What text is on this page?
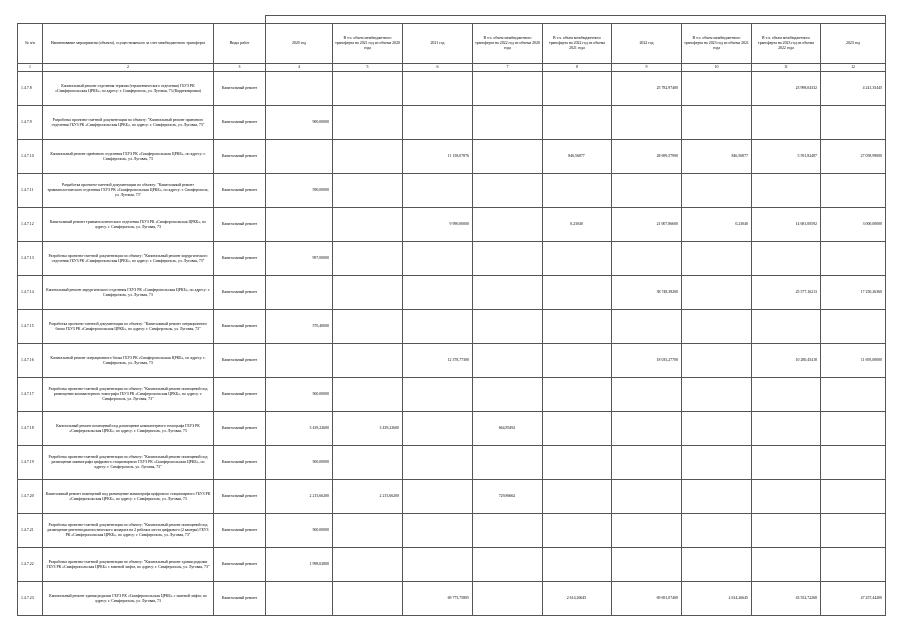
№ п/п	Наименование мероприятия (объекта), осуществляемого за счет межбюджетного трансферта	Виды работ	2020 год	В т.ч. объем межбюджетного трансферта на 2021 год из объема 2020 года	2021 год	В т.ч. объем межбюджетного трансферта на 2022 год из объема 2020 года	В т.ч. объем межбюджетного трансферта на 2022 год из объема 2021 года	2022 год	В т.ч. объем межбюджетного трансферта на 2023 год из объема 2021 года	В т.ч. объем межбюджетного трансферта на 2023 год из объема 2022 года	2023 год
1	2	3	4	5	6	7	8	9	10	11	12
1.4.7.8	Капитальный ремонт отделения терапии (терапевтического отделения) ГБУЗ РК «Симферопольская ЦРКБ», по адресу: г. Симферополь, ул. Луговая, 73 (Корректировка)	Капитальный ремонт						25 782,97400		23 998,04332	4 241,35445
1.4.7.9	Разработка проектно-сметной документации по объекту: "Капитальный ремонт приемного отделения ГБУЗ РК «Симферопольская ЦРКБ», по адресу: г. Симферополь, ул. Луговая, 73"	Капитальный ремонт	900,00000								
1.4.7.10	Капитальный ремонт приёмного отделения ГБУЗ РК «Симферопольская ЦРКБ», по адресу: г. Симферополь, ул. Луговая, 73	Капитальный ремонт			11 158,07876		846,56877	28 699,57900	846,56877	5 591,82487	27 058,99000
1.4.7.11	Разработка проектно-сметной документации по объекту: "Капитальный ремонт травматологического отделения ГБУЗ РК «Симферопольская ЦРКБ», по адресу: г. Симферополь, ул. Луговая, 73"	Капитальный ремонт	590,00000								
1.4.7.12	Капитальный ремонт травматологического отделения ГБУЗ РК «Симферопольская ЦРКБ», по адресу: г. Симферополь, ул. Луговая, 73	Капитальный ремонт			9 990,00000		0,23040	21 007,86600	0,23040	14 681,00592	3 000,00000
1.4.7.13	Разработка проектно-сметной документации по объекту: "Капитальный ремонт хирургического отделения ГБУЗ РК «Симферопольская ЦРКБ», по адресу: г. Симферополь, ул. Луговая, 73"	Капитальный ремонт	997,00000								
1.4.7.14	Капитальный ремонт хирургического отделения ГБУЗ РК «Симферопольская ЦРКБ», по адресу: г. Симферополь, ул. Луговая, 73	Капитальный ремонт						38 748,38200		25 577,16213	17 250,26360
1.4.7.15	Разработка проектно-сметной документации по объекту: "Капитальный ремонт операционного блока ГБУЗ РК «Симферопольская ЦРКБ», по адресу: г. Симферополь, ул. Луговая, 73"	Капитальный ремонт	570,40000								
1.4.7.16	Капитальный ремонт операционного блока ГБУЗ РК «Симферопольская ЦРКБ», по адресу: г. Симферополь, ул. Луговая, 73	Капитальный ремонт			12 378,77300			18 035,27700		10 280,45418	11 695,00000
1.4.7.17	Разработка проектно-сметной документации по объекту: "Капитальный ремонт помещений под размещение компьютерного томографа ГБУЗ РК «Симферопольская ЦРКБ», по адресу: г. Симферополь, ул. Луговая, 73"	Капитальный ремонт	500,00000								
1.4.7.18	Капитальный ремонт помещений под размещение компьютерного томографа ГБУЗ РК «Симферопольская ЦРКБ», по адресу: г. Симферополь, ул. Луговая, 73	Капитальный ремонт	3 439,22600	3 439,22600		664,85492					
1.4.7.19	Разработка проектно-сметной документации по объекту: "Капитальный ремонт помещений под размещение маммографа цифрового стационарного ГБУЗ РК «Симферопольская ЦРКБ», по адресу: г. Симферополь, ул. Луговая, 73"	Капитальный ремонт	500,00000								
1.4.7.20	Капитальный ремонт помещений под размещение маммографа цифрового стационарного ГБУЗ РК «Симферопольская ЦРКБ», по адресу: г. Симферополь, ул. Луговая, 73	Капитальный ремонт	2 215,66200	2 215,66200		729,86662					
1.4.7.21	Разработка проектно-сметной документации по объекту: "Капитальный ремонт помещений под размещение рентгенодиагностического аппарата на 2 рабочих места цифрового (2 камеры) ГБУЗ РК «Симферопольская ЦРКБ», по адресу: г. Симферополь, ул. Луговая, 73"	Капитальный ремонт	500,00000								
1.4.7.22	Разработка проектно-сметной документации по объекту: "Капитальный ремонт здания родилки ГБУЗ РК «Симферопольская ЦРКБ» с заменой лифта, по адресу: г. Симферополь, ул. Луговая, 73"	Капитальный ремонт	1 998,02800								
1.4.7.23	Капитальный ремонт здания родилки ГБУЗ РК «Симферопольская ЦРКБ» с заменой лифта, по адресу: г. Симферополь, ул. Луговая, 73	Капитальный ремонт			69 775,75805		2 614,26645	69 691,07400	2 614,26645	43 552,72268	47 257,44200
